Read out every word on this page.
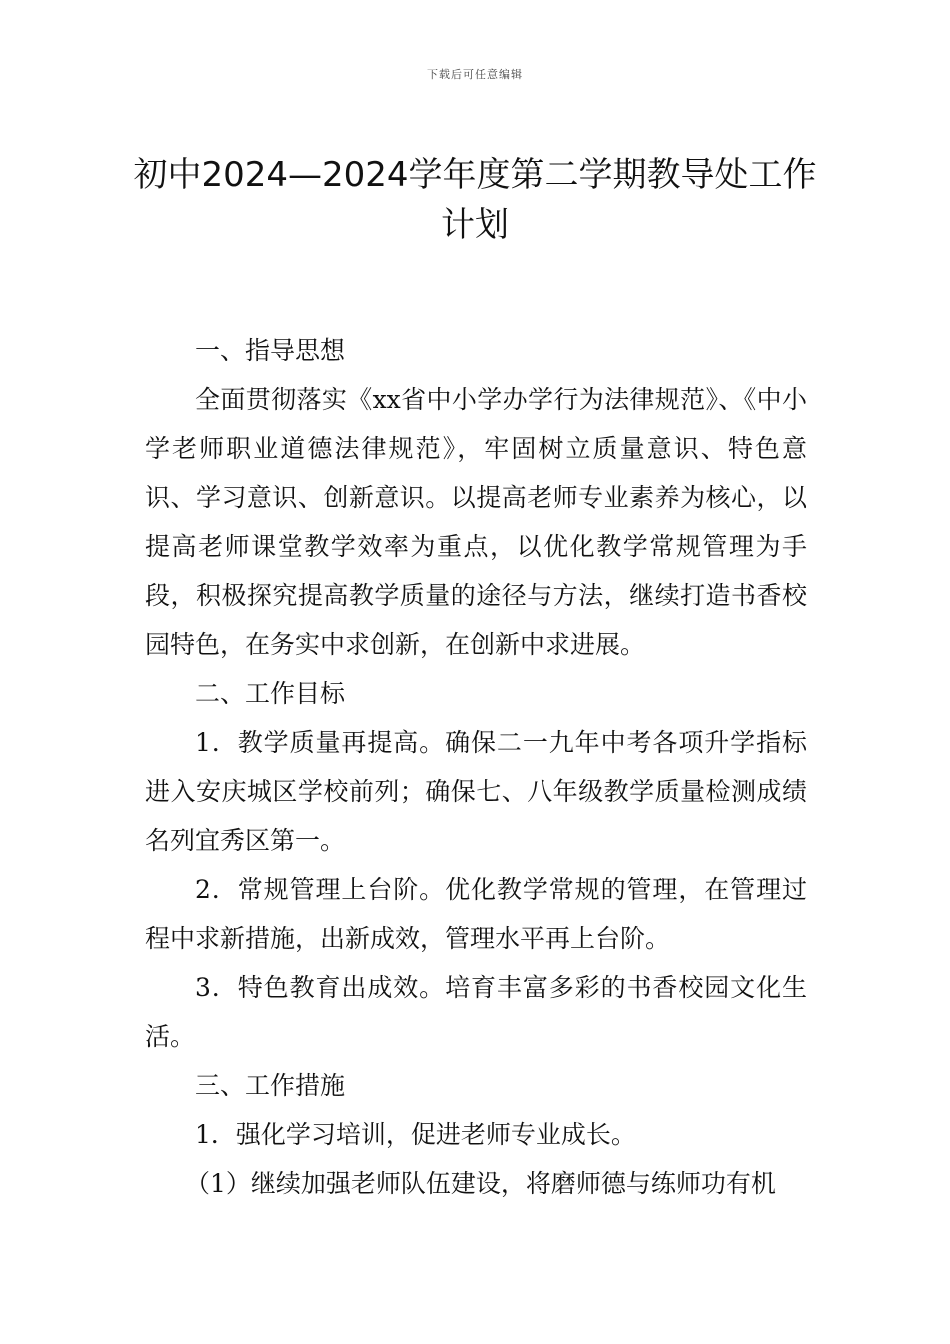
下载后可任意编辑
初中2024—2024学年度第二学期教导处工作计划

一、指导思想

全面贯彻落实《xx省中小学办学行为法律规范》、《中小学老师职业道德法律规范》，牢固树立质量意识、特色意识、学习意识、创新意识。以提高老师专业素养为核心，以提高老师课堂教学效率为重点，以优化教学常规管理为手段，积极探究提高教学质量的途径与方法，继续打造书香校园特色，在务实中求创新，在创新中求进展。

二、工作目标

1．教学质量再提高。确保二一九年中考各项升学指标进入安庆城区学校前列；确保七、八年级教学质量检测成绩名列宜秀区第一。

2．常规管理上台阶。优化教学常规的管理，在管理过程中求新措施，出新成效，管理水平再上台阶。

3．特色教育出成效。培育丰富多彩的书香校园文化生活。

三、工作措施

1．强化学习培训，促进老师专业成长。

（1）继续加强老师队伍建设，将磨师德与练师功有机
